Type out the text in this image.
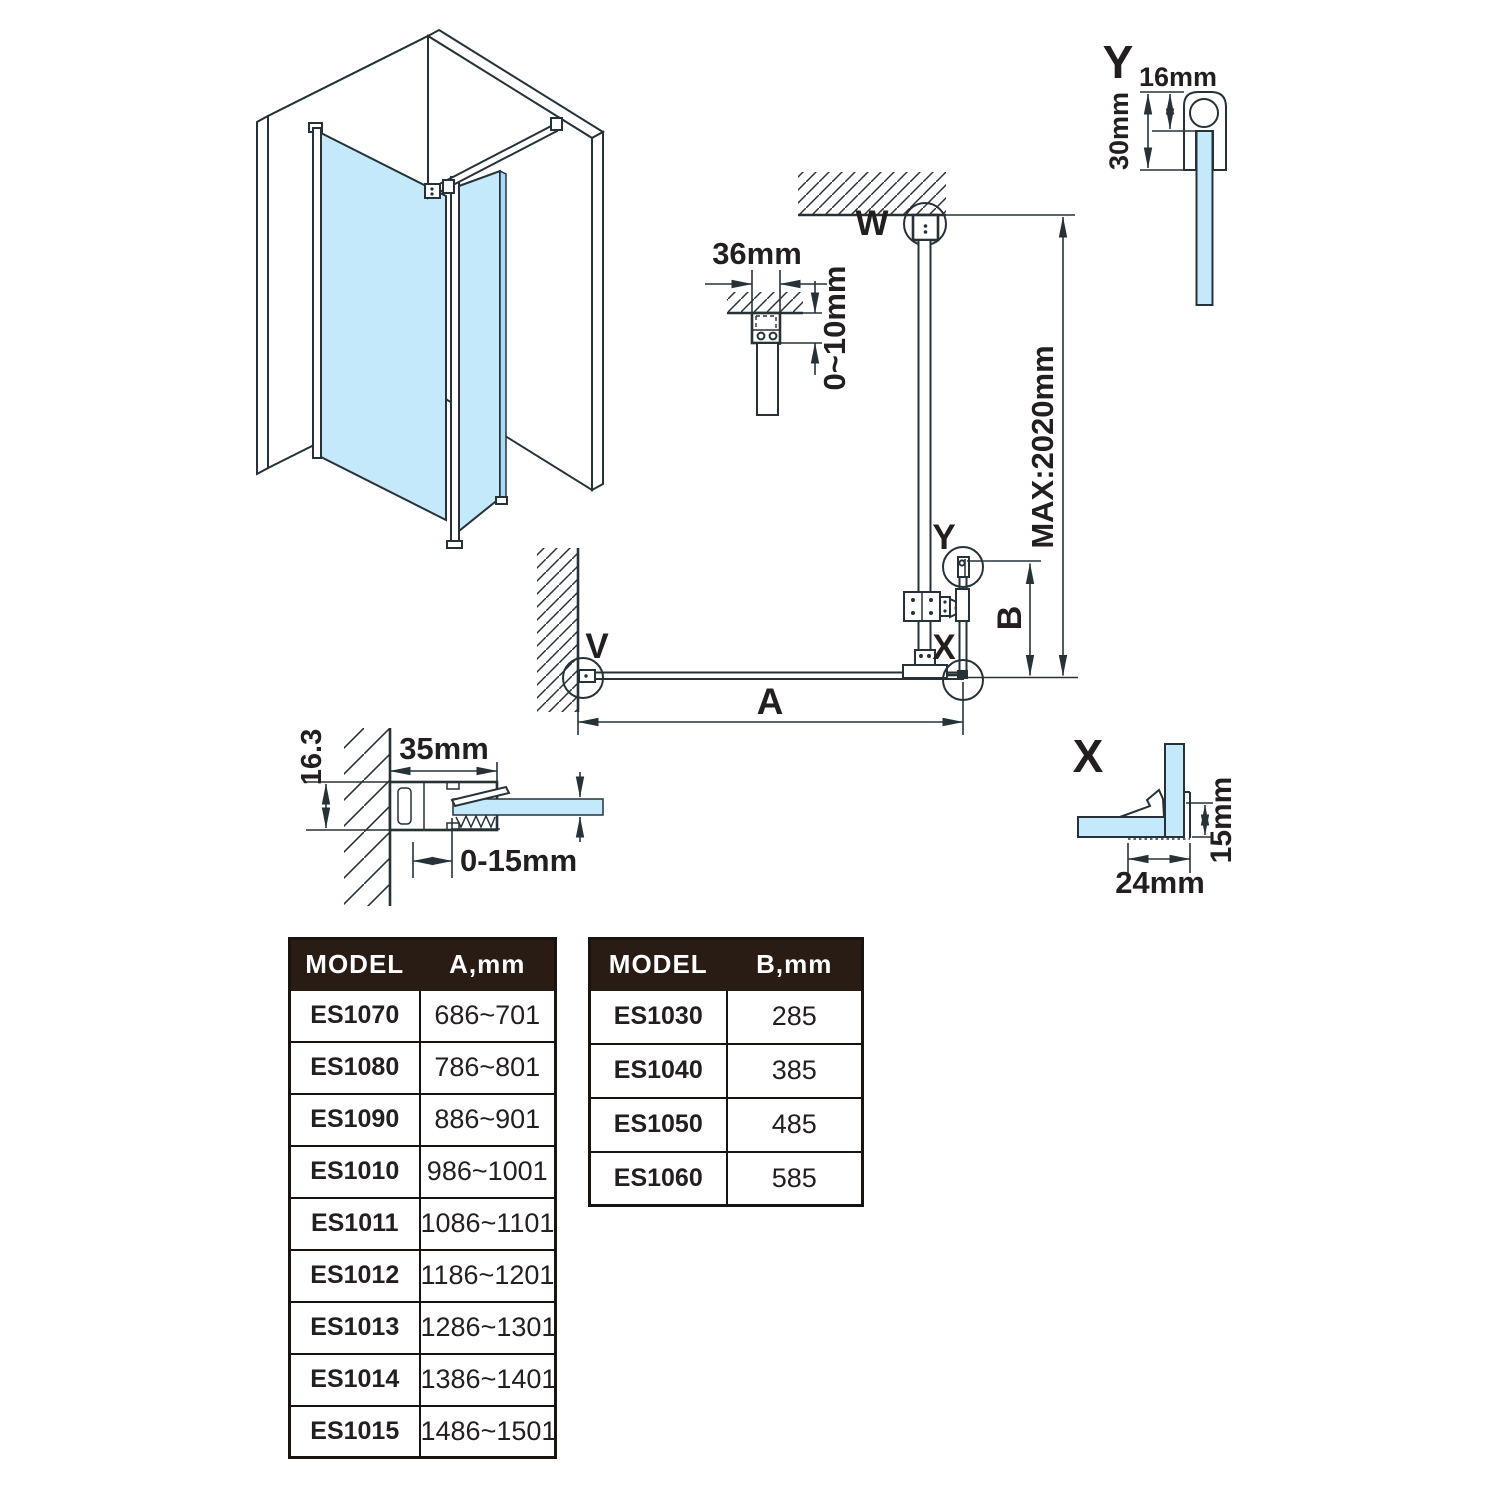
Y 16mm
30mm
W
36mm
0~10mm
V
Y
X
B
MAX:2020mm
A
16.3 35mm
0-15mm
X
15mm
24mm
MODEL	A,mm
ES1070	686~701
ES1080	786~801
ES1090	886~901
ES1010	986~1001
ES1011	1086~1101
ES1012	1186~1201
ES1013	1286~1301
ES1014	1386~1401
ES1015	1486~1501
MODEL	B,mm
ES1030	285
ES1040	385
ES1050	485
ES1060	585
